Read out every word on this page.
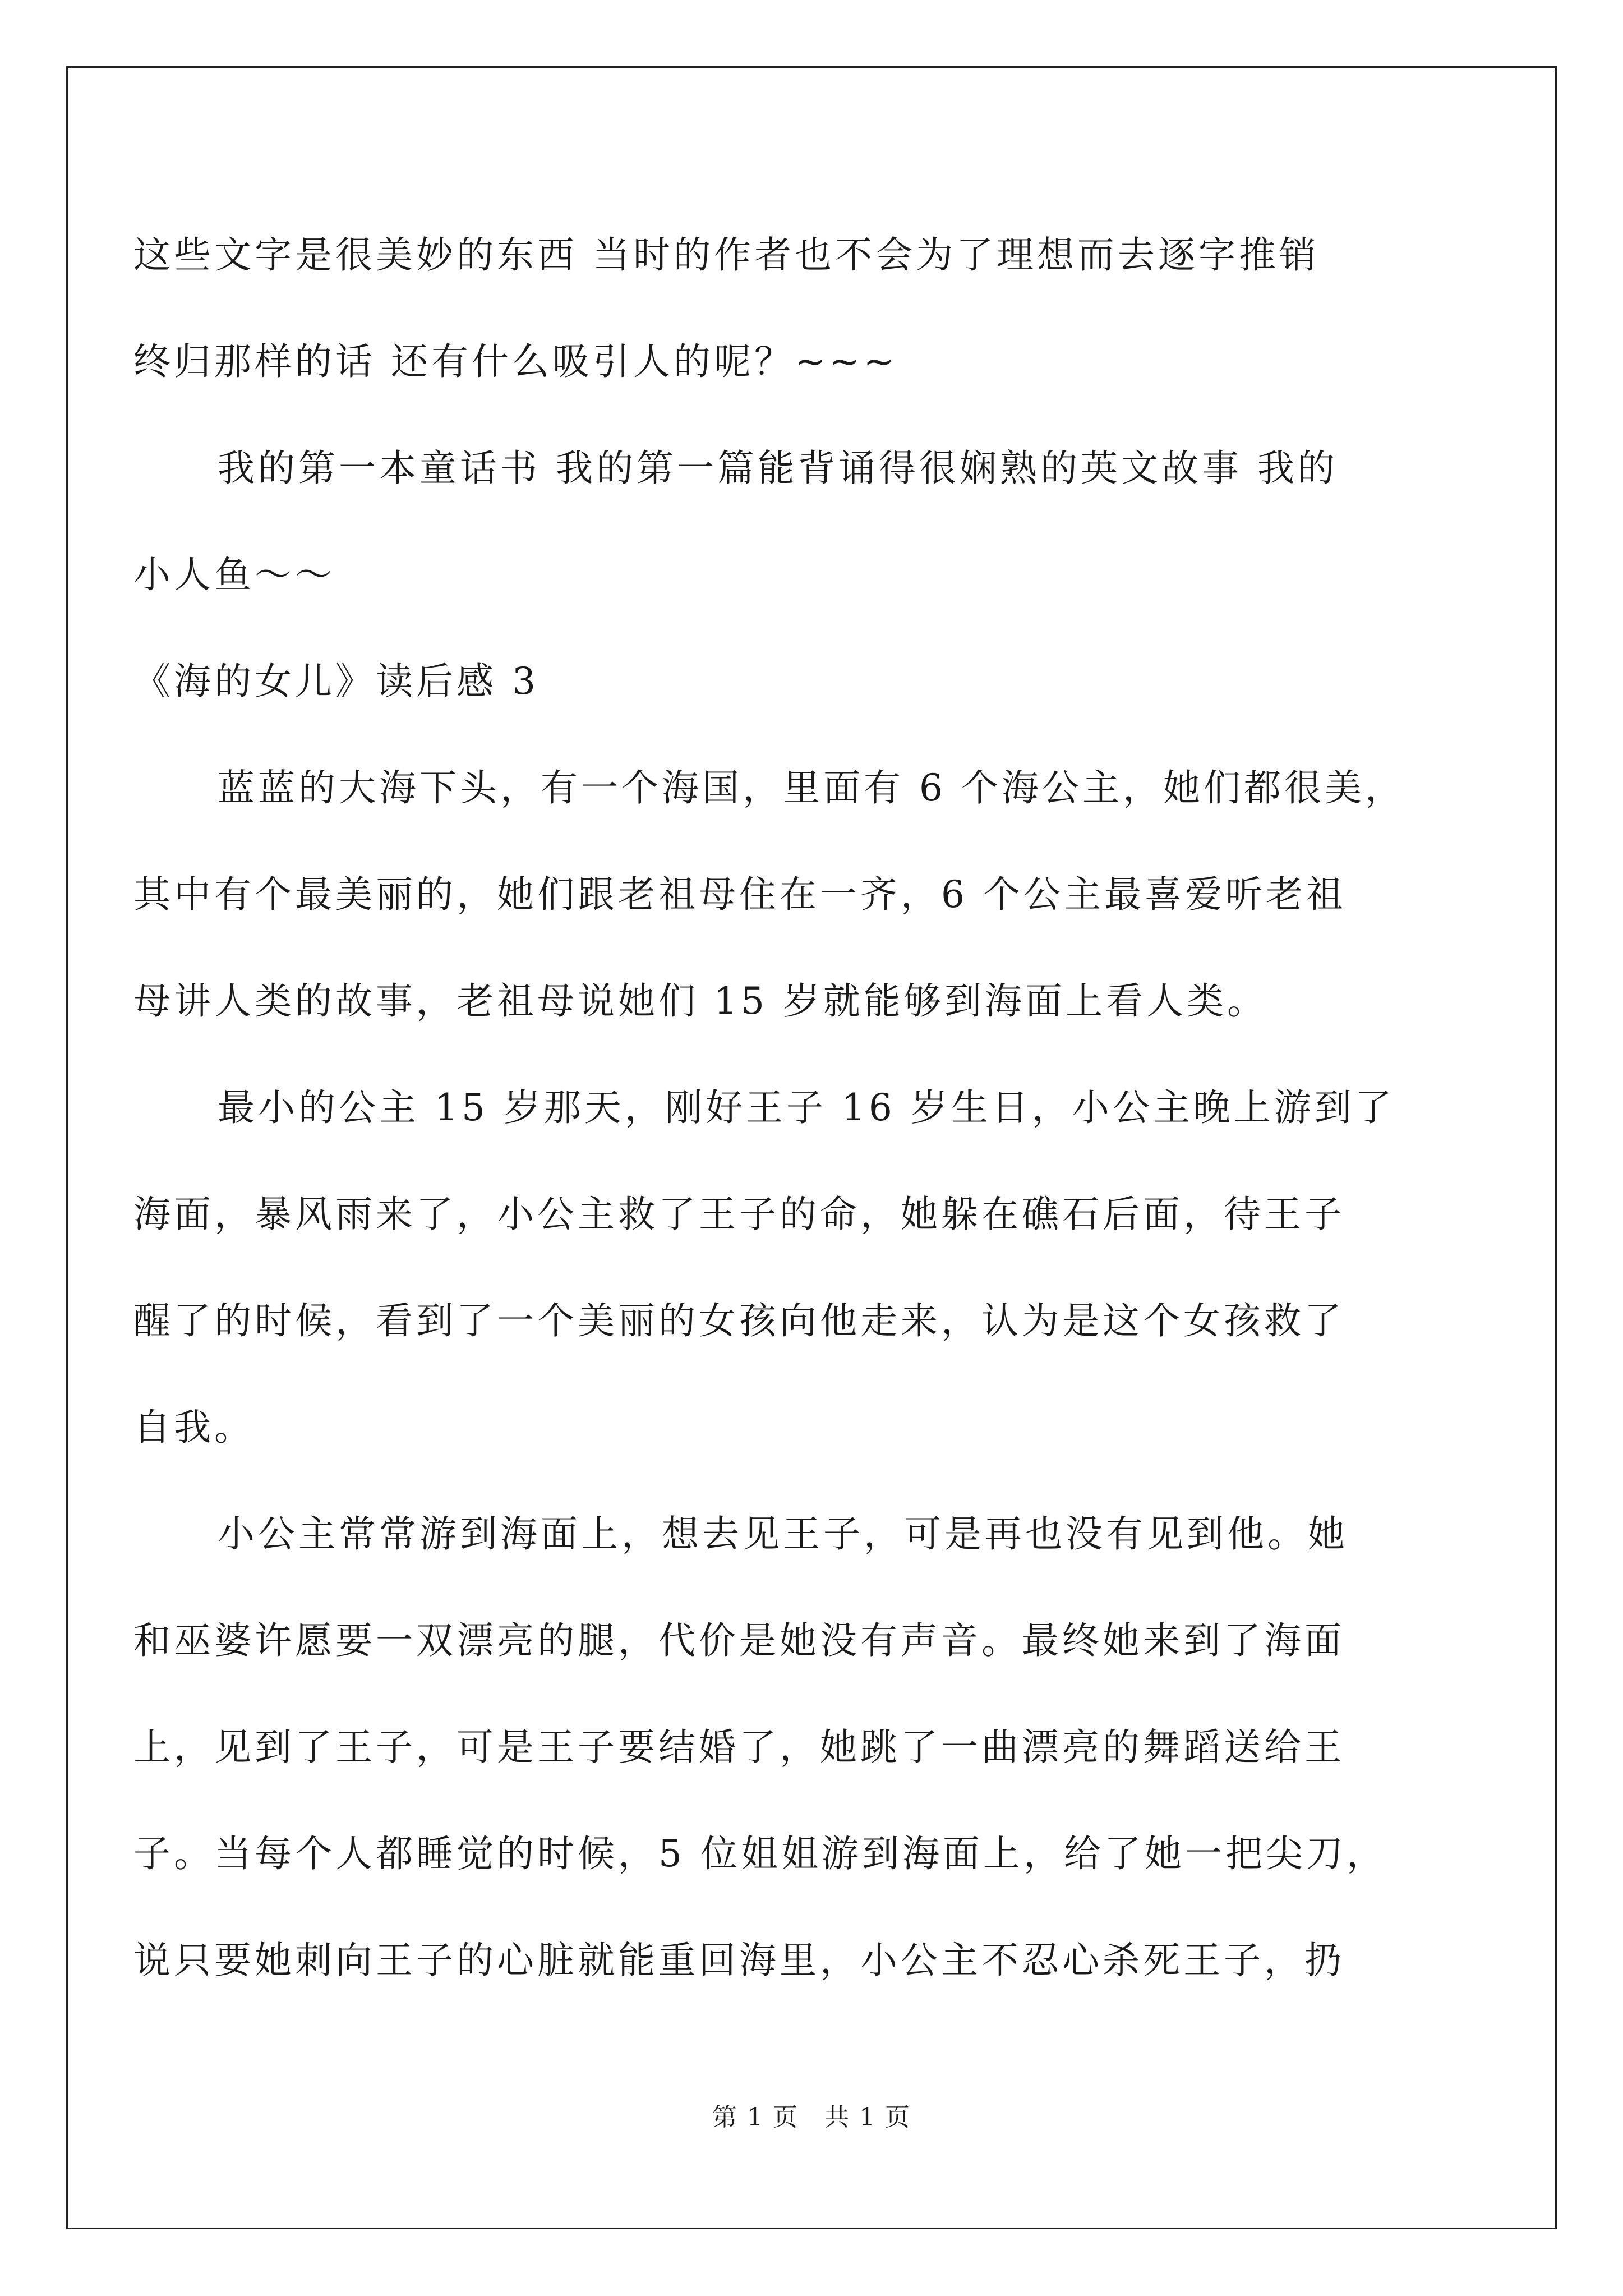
这些文字是很美妙的东西 当时的作者也不会为了理想而去逐字推销
终归那样的话 还有什么吸引人的呢？~~~
我的第一本童话书 我的第一篇能背诵得很娴熟的英文故事 我的
小人鱼～～
《海的女儿》读后感 3
蓝蓝的大海下头，有一个海国，里面有 6 个海公主，她们都很美，
其中有个最美丽的，她们跟老祖母住在一齐，6 个公主最喜爱听老祖
母讲人类的故事，老祖母说她们 15 岁就能够到海面上看人类。
最小的公主 15 岁那天，刚好王子 16 岁生日，小公主晚上游到了
海面，暴风雨来了，小公主救了王子的命，她躲在礁石后面，待王子
醒了的时候，看到了一个美丽的女孩向他走来，认为是这个女孩救了
自我。
小公主常常游到海面上，想去见王子，可是再也没有见到他。她
和巫婆许愿要一双漂亮的腿，代价是她没有声音。最终她来到了海面
上，见到了王子，可是王子要结婚了，她跳了一曲漂亮的舞蹈送给王
子。当每个人都睡觉的时候，5 位姐姐游到海面上，给了她一把尖刀，
说只要她刺向王子的心脏就能重回海里，小公主不忍心杀死王子，扔
第 1 页　共 1 页
